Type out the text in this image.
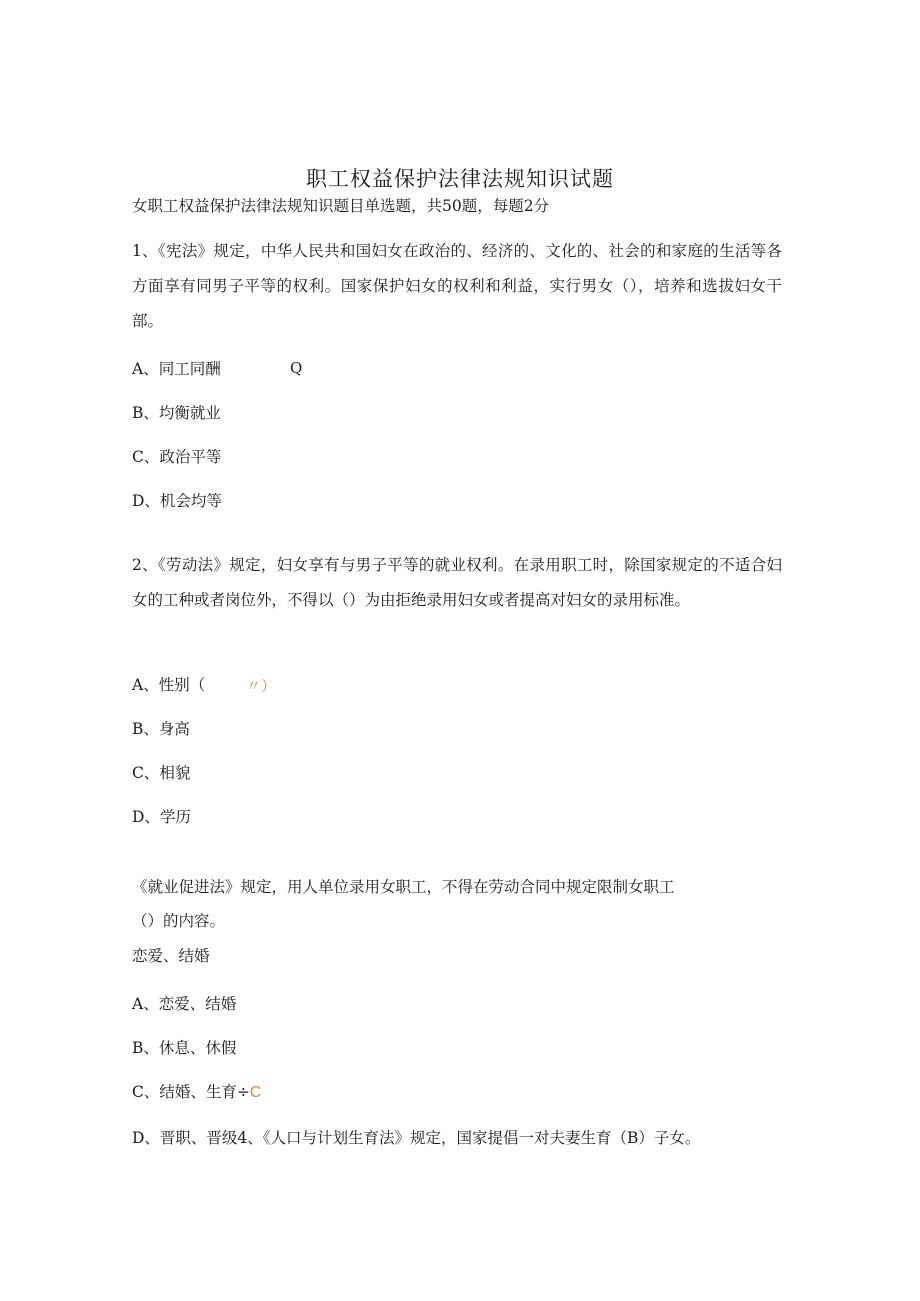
职工权益保护法律法规知识试题
女职工权益保护法律法规知识题目单选题，共50题，每题2分
1、《宪法》规定，中华人民共和国妇女在政治的、经济的、文化的、社会的和家庭的生活等各方面享有同男子平等的权利。国家保护妇女的权利和利益，实行男女（），培养和选拔妇女干部。
A、同工同酬	Q
B、均衡就业
C、政治平等
D、机会均等
2、《劳动法》规定，妇女享有与男子平等的就业权利。在录用职工时，除国家规定的不适合妇女的工种或者岗位外，不得以（）为由拒绝录用妇女或者提高对妇女的录用标准。
A、性别（	〃）
B、身高
C、相貌
D、学历
《就业促进法》规定，用人单位录用女职工，不得在劳动合同中规定限制女职工
（）的内容。
恋爱、结婚
A、恋爱、结婚
B、休息、休假
C、结婚、生育÷C
D、晋职、晋级4、《人口与计划生育法》规定，国家提倡一对夫妻生育（B）子女。
